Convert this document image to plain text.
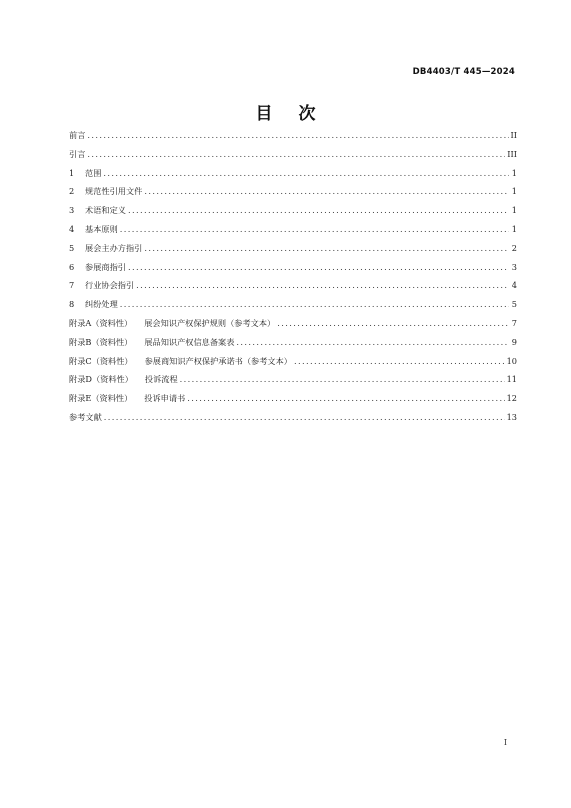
DB4403/T 445—2024
目次
前言 .....	II
引言 .....	III
1 范围 .....	1
2 规范性引用文件 .....	1
3 术语和定义 .....	1
4 基本原则 .....	1
5 展会主办方指引 .....	2
6 参展商指引 .....	3
7 行业协会指引 .....	4
8 纠纷处理 .....	5
附录A（资料性） 展会知识产权保护规则（参考文本） .....	7
附录B（资料性） 展品知识产权信息备案表 .....	9
附录C（资料性） 参展商知识产权保护承诺书（参考文本） .....	10
附录D（资料性） 投诉流程 .....	11
附录E（资料性） 投诉申请书 .....	12
参考文献 .....	13
I
